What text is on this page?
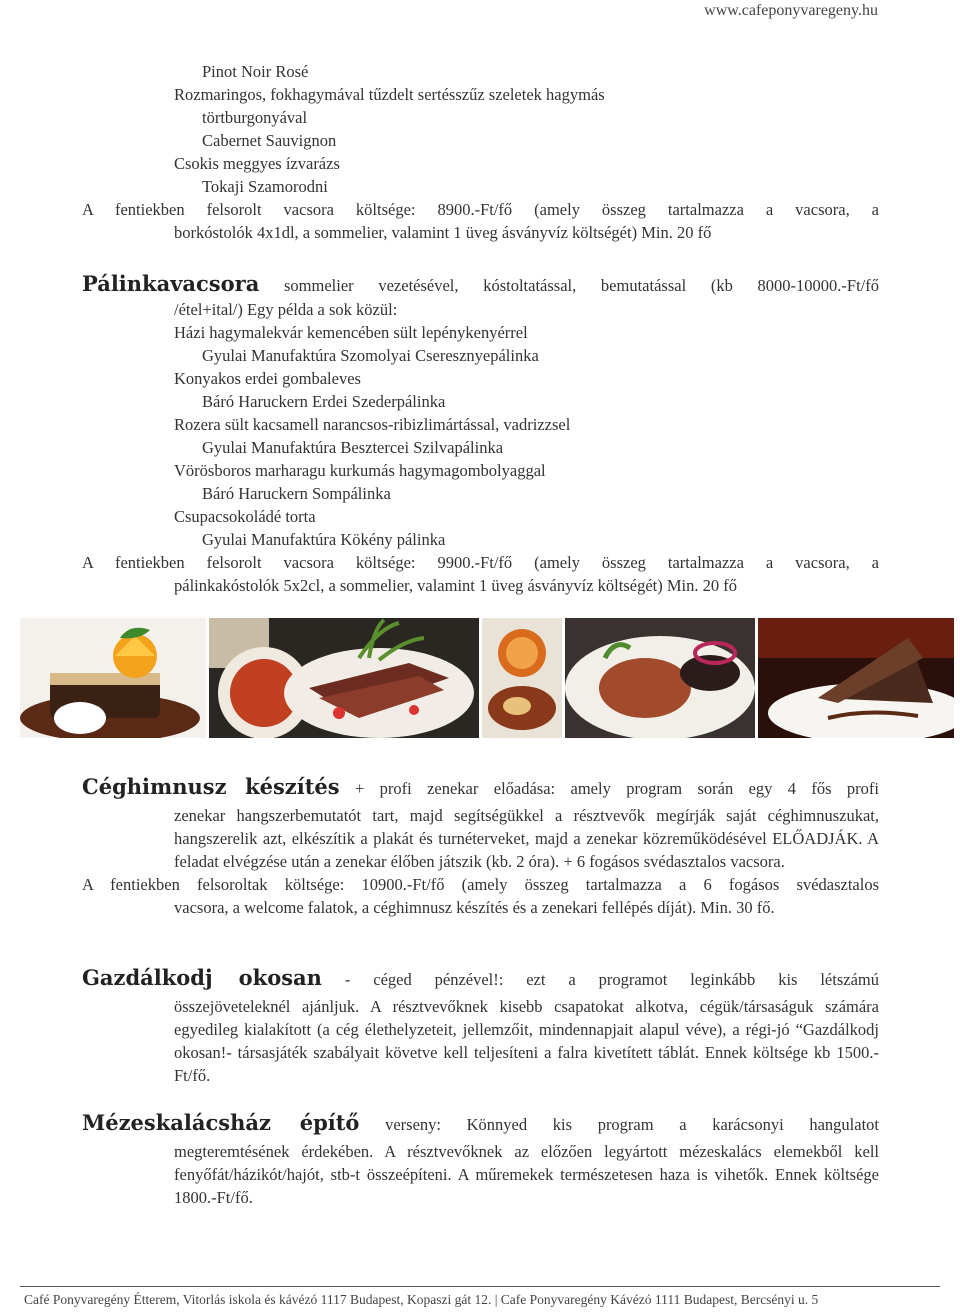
www.cafeponyvaregeny.hu
Pinot Noir Rosé
Rozmaringos, fokhagymával tűzdelt sertésszűz szeletek hagymás
törtburgonyával
Cabernet Sauvignon
Csokis meggyes ízvarázs
Tokaji Szamorodni
A fentiekben felsorolt vacsora költsége: 8900.-Ft/fő (amely összeg tartalmazza a vacsora, a
borkóstolók 4x1dl, a sommelier, valamint 1 üveg ásványvíz költségét) Min. 20 fő
Pálinkavacsora sommelier vezetésével, kóstoltatással, bemutatással (kb 8000-10000.-Ft/fő
/étel+ital/) Egy példa a sok közül:
Házi hagymalekvár kemencében sült lepénykenyérrel
Gyulai Manufaktúra Szomolyai Cseresznyepálinka
Konyakos erdei gombaleves
Báró Haruckern Erdei Szederpálinka
Rozera sült kacsamell narancsos-ribizlimártással, vadrizzsel
Gyulai Manufaktúra Besztercei Szilvapálinka
Vörösboros marharagu kurkumás hagymagombolyaggal
Báró Haruckern Sompálinka
Csupacsokoládé torta
Gyulai Manufaktúra Kökény pálinka
A fentiekben felsorolt vacsora költsége: 9900.-Ft/fő (amely összeg tartalmazza a vacsora, a
pálinkakóstolók 5x2cl, a sommelier, valamint 1 üveg ásványvíz költségét) Min. 20 fő
Céghimnusz készítés + profi zenekar előadása: amely program során egy 4 fős profi
zenekar hangszerbemutatót tart, majd segítségükkel a résztvevők megírják saját céghimnuszukat, hangszerelik azt, elkészítik a plakát és turnéterveket, majd a zenekar közreműködésével ELŐADJÁK. A feladat elvégzése után a zenekar élőben játszik (kb. 2 óra). + 6 fogásos svédasztalos vacsora.
A fentiekben felsoroltak költsége: 10900.-Ft/fő (amely összeg tartalmazza a 6 fogásos svédasztalos
vacsora, a welcome falatok, a céghimnusz készítés és a zenekari fellépés díját). Min. 30 fő.
Gazdálkodj okosan - céged pénzével!: ezt a programot leginkább kis létszámú
összejöveteleknél ajánljuk. A résztvevőknek kisebb csapatokat alkotva, cégük/társaságuk számára egyedileg kialakított (a cég élethelyzeteit, jellemzőit, mindennapjait alapul véve), a régi-jó “Gazdálkodj okosan!- társasjáték szabályait követve kell teljesíteni a falra kivetített táblát. Ennek költsége kb 1500.-Ft/fő.
Mézeskalácsház építő verseny: Könnyed kis program a karácsonyi hangulatot
megteremtésének érdekében. A résztvevőknek az előzően legyártott mézeskalács elemekből kell fenyőfát/házikót/hajót, stb-t összeépíteni. A műremekek természetesen haza is vihetők. Ennek költsége 1800.-Ft/fő.
Café Ponyvaregény Étterem, Vitorlás iskola és kávézó 1117 Budapest, Kopaszi gát 12. | Cafe Ponyvaregény Kávézó 1111 Budapest, Bercsényi u. 5
